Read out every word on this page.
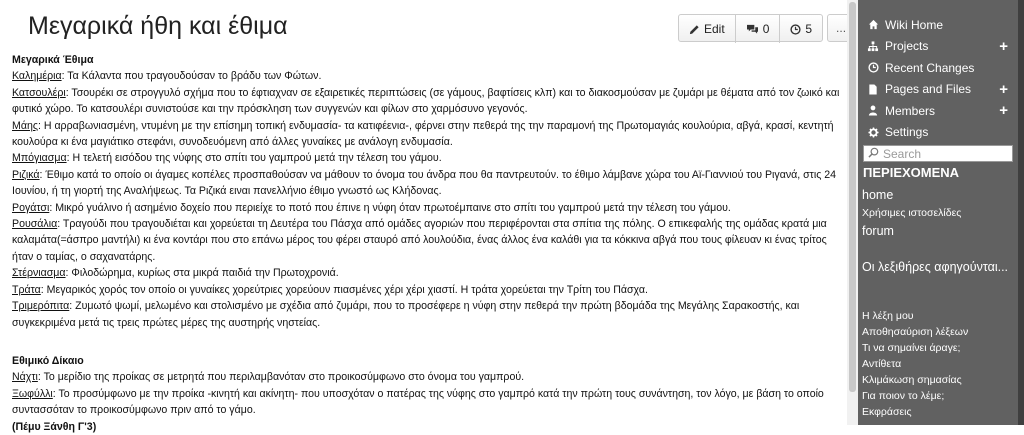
Μεγαρικά ήθη και έθιμα	Edit	0	5	...

Μεγαρικά Έθιμα

Καλημέρια: Τα Κάλαντα που τραγουδούσαν το βράδυ των Φώτων.

Κατσουλέρι: Τσουρέκι σε στρογγυλό σχήμα που το έφτιαχναν σε εξαιρετικές περιπτώσεις (σε γάμους, βαφτίσεις κλπ) και το διακοσμούσαν με ζυμάρι με θέματα από τον ζωικό και φυτικό χώρο. Το κατσουλέρι συνιστούσε και την πρόσκληση των συγγενών και φίλων στο χαρμόσυνο γεγονός.

Μάης: Η αρραβωνιασμένη, ντυμένη με την επίσημη τοπική ενδυμασία- τα κατιφέενια-, φέρνει στην πεθερά της την παραμονή της Πρωτομαγιάς κουλούρια, αβγά, κρασί, κεντητή κουλούρα κι ένα μαγιάτικο στεφάνι, συνοδευόμενη από άλλες γυναίκες με ανάλογη ενδυμασία.

Μπόγιασμα: Η τελετή εισόδου της νύφης στο σπίτι του γαμπρού μετά την τέλεση του γάμου.

Ριζικά: Έθιμο κατά το οποίο οι άγαμες κοπέλες προσπαθούσαν να μάθουν το όνομα του άνδρα που θα παντρευτούν. το έθιμο λάμβανε χώρα του Αϊ-Γιαννιού του Ριγανά, στις 24 Ιουνίου, ή τη γιορτή της Αναλήψεως. Τα Ριζικά ειναι πανελλήνιο έθιμο γνωστό ως Κλήδονας.

Ρογάτσι: Μικρό γυάλινο ή ασημένιο δοχείο που περιείχε το ποτό που έπινε η νύφη όταν πρωτοέμπαινε στο σπίτι του γαμπρού μετά την τέλεση του γάμου.

Ρουσάλια: Τραγούδι που τραγουδιέται και χορεύεται τη Δευτέρα του Πάσχα από ομάδες αγοριών που περιφέρονται στα σπίτια της πόλης. Ο επικεφαλής της ομάδας κρατά μια καλαμάτα(=άσπρο μαντήλι) κι ένα κοντάρι που στο επάνω μέρος του φέρει σταυρό από λουλούδια, ένας άλλος ένα καλάθι για τα κόκκινα αβγά που τους φίλευαν κι ένας τρίτος ήταν ο ταμίας, ο σαχανατάρης.

Στέρνιασμα: Φιλοδώρημα, κυρίως στα μικρά παιδιά την Πρωτοχρονιά.

Τράτα: Μεγαρικός χορός τον οποίο οι γυναίκες χορεύτριες χορεύουν πιασμένες χέρι χέρι χιαστί. Η τράτα χορεύεται την Τρίτη του Πάσχα.

Τριμερόπιτα: Ζυμωτό ψωμί, μελωμένο και στολισμένο με σχέδια από ζυμάρι, που το προσέφερε η νύφη στην πεθερά την πρώτη βδομάδα της Μεγάλης Σαρακοστής, και συγκεκριμένα μετά τις τρεις πρώτες μέρες της αυστηρής νηστείας.

Εθιμικό Δίκαιο

Νάχτι: Το μερίδιο της προίκας σε μετρητά που περιλαμβανόταν στο προικοσύμφωνο στο όνομα του γαμπρού.

Ξωφύλλι: Το προσύμφωνο με την προίκα -κινητή και ακίνητη- που υποσχόταν ο πατέρας της νύφης στο γαμπρό κατά την πρώτη τους συνάντηση, τον λόγο, με βάση το οποίο συντασσόταν το προικοσύμφωνο πριν από το γάμο.

(Πέμυ Ξάνθη Γ'3)

Wiki Home
Projects	+
Recent Changes
Pages and Files +
Members	+
Settings
Search
ΠΕΡΙΕΧΟΜΕΝΑ
home
Χρήσιμες ιστοσελίδες
forum
Οι λεξιθήρες αφηγούνται...
Η λέξη μου
Αποθησαύριση λέξεων
Τι να σημαίνει άραγε;
Αντίθετα
Κλιμάκωση σημασίας
Για ποιον το λέμε;
Εκφράσεις
